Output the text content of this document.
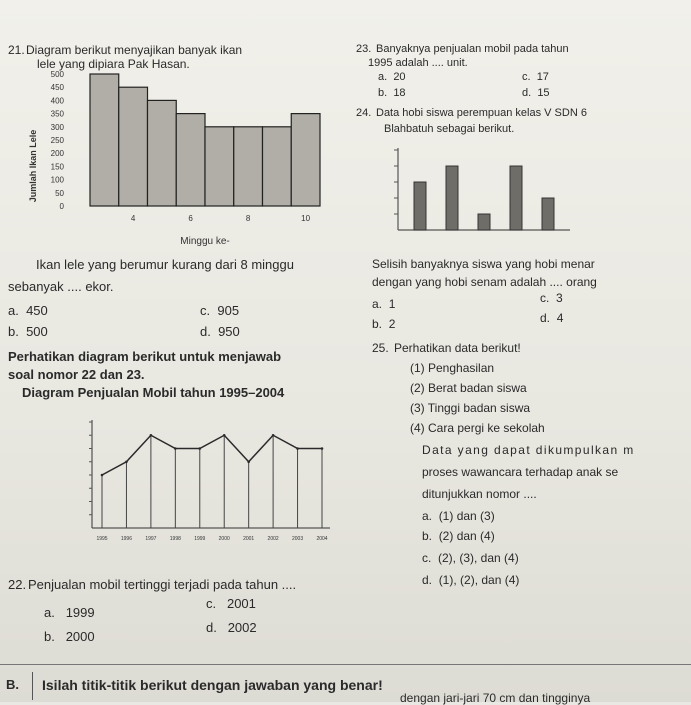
21. Diagram berikut menyajikan banyak ikan
lele yang dipiara Pak Hasan.
Jumlah Ikan Lele
500
450
400
350
300
250
200
150
100
50
0
4	6	8	10
Minggu ke-
Ikan lele yang berumur kurang dari 8 minggu
sebanyak .... ekor.
a. 450
b. 500
c. 905
d. 950
Perhatikan diagram berikut untuk menjawab
soal nomor 22 dan 23.
Diagram Penjualan Mobil tahun 1995–2004
1995	1996	1997	1998	1999	2000	2001	2002	2003	2004
22. Penjualan mobil tertinggi terjadi pada tahun ....
a. 1999
b. 2000
c. 2001
d. 2002
23. Banyaknya penjualan mobil pada tahun
1995 adalah .... unit.
a. 20
b. 18
c. 17
d. 15
24. Data hobi siswa perempuan kelas V SDN 6
Blahbatuh sebagai berikut.
Selisih banyaknya siswa yang hobi menar
dengan yang hobi senam adalah .... orang
a. 1
b. 2
c. 3
d. 4
25. Perhatikan data berikut!
(1) Penghasilan
(2) Berat badan siswa
(3) Tinggi badan siswa
(4) Cara pergi ke sekolah
Data yang dapat dikumpulkan m
proses wawancara terhadap anak se
ditunjukkan nomor ....
a. (1) dan (3)
b. (2) dan (4)
c. (2), (3), dan (4)
d. (1), (2), dan (4)
B. Isilah titik-titik berikut dengan jawaban yang benar!
dengan jari-jari 70 cm dan tingginya
